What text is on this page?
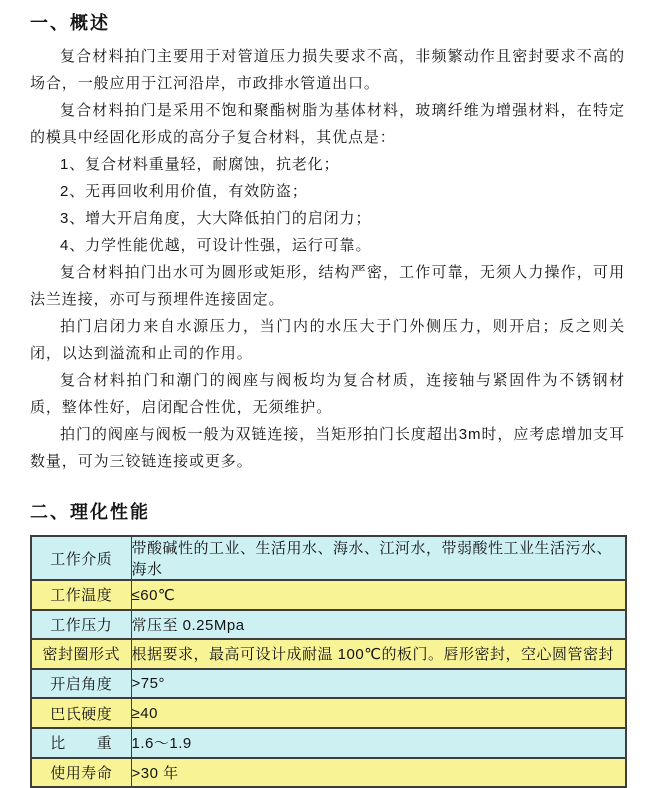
一、概述

复合材料拍门主要用于对管道压力损失要求不高，非频繁动作且密封要求不高的场合，一般应用于江河沿岸，市政排水管道出口。

复合材料拍门是采用不饱和聚酯树脂为基体材料，玻璃纤维为增强材料，在特定的模具中经固化形成的高分子复合材料，其优点是：

1、复合材料重量轻，耐腐蚀，抗老化；

2、无再回收利用价值，有效防盗；

3、增大开启角度，大大降低拍门的启闭力；

4、力学性能优越，可设计性强，运行可靠。

复合材料拍门出水可为圆形或矩形，结构严密，工作可靠，无须人力操作，可用法兰连接，亦可与预埋件连接固定。

拍门启闭力来自水源压力，当门内的水压大于门外侧压力，则开启；反之则关闭，以达到溢流和止司的作用。

复合材料拍门和潮门的阀座与阀板均为复合材质，连接轴与紧固件为不锈钢材质，整体性好，启闭配合性优，无须维护。

拍门的阀座与阀板一般为双链连接，当矩形拍门长度超出3m时，应考虑增加支耳数量，可为三铰链连接或更多。

二、理化性能
工作介质	带酸碱性的工业、生活用水、海水、江河水，带弱酸性工业生活污水、海水
工作温度	≤60℃
工作压力	常压至 0.25Mpa
密封圈形式	根据要求，最高可设计成耐温 100℃的板门。唇形密封，空心圆管密封
开启角度	>75°
巴氏硬度	≥40
比　　重	1.6～1.9
使用寿命	>30 年
